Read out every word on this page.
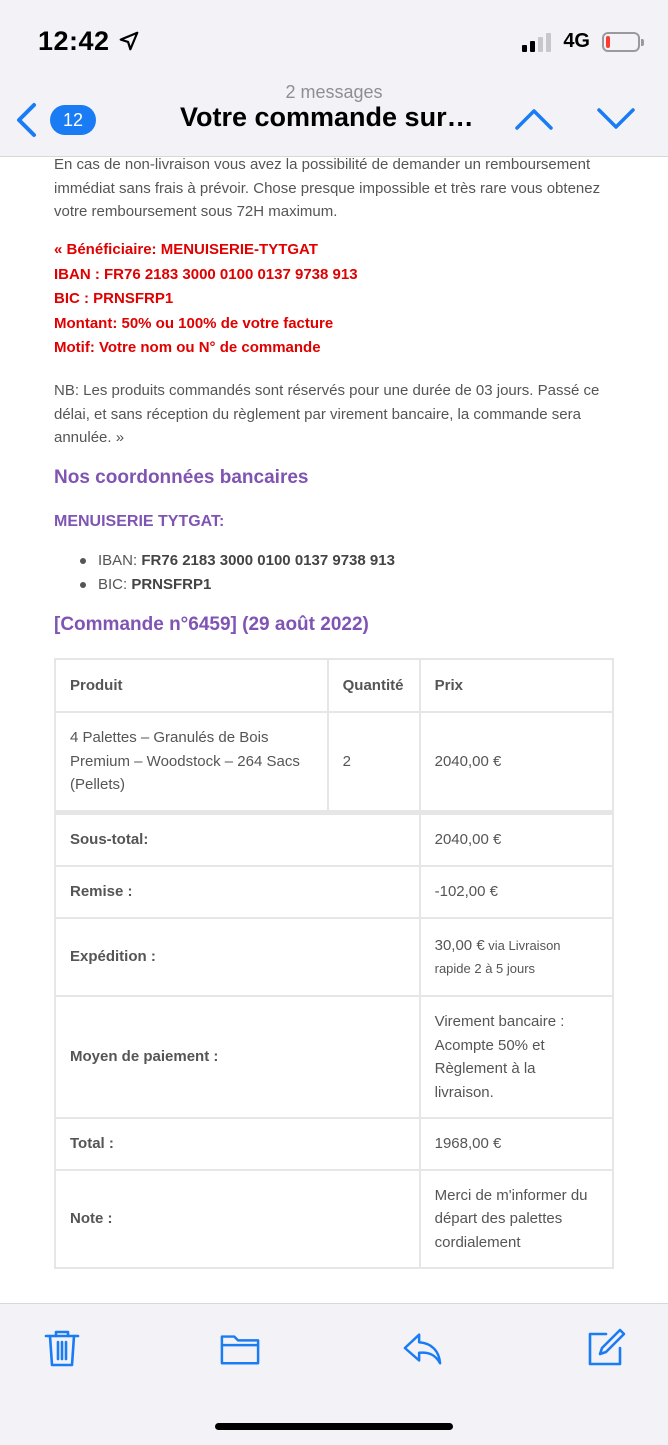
12:42	4G
2 messages
12	Votre commande sur…

En cas de non-livraison vous avez la possibilité de demander un remboursement immédiat sans frais à prévoir. Chose presque impossible et très rare vous obtenez votre remboursement sous 72H maximum.

« Bénéficiaire: MENUISERIE-TYTGAT
IBAN : FR76 2183 3000 0100 0137 9738 913
BIC : PRNSFRP1
Montant: 50% ou 100% de votre facture
Motif: Votre nom ou N° de commande

NB: Les produits commandés sont réservés pour une durée de 03 jours. Passé ce délai, et sans réception du règlement par virement bancaire, la commande sera annulée. »

Nos coordonnées bancaires
MENUISERIE TYTGAT:
IBAN: FR76 2183 3000 0100 0137 9738 913
BIC: PRNSFRP1
[Commande n°6459] (29 août 2022)
Produit	Quantité	Prix
4 Palettes – Granulés de Bois Premium – Woodstock – 264 Sacs (Pellets)	2	2040,00 €
Sous-total:		2040,00 €
Remise :		-102,00 €
Expédition :		30,00 € via Livraison rapide 2 à 5 jours
Moyen de paiement :		Virement bancaire : Acompte 50% et Règlement à la livraison.
Total :		1968,00 €
Note :		Merci de m'informer du départ des palettes cordialement
